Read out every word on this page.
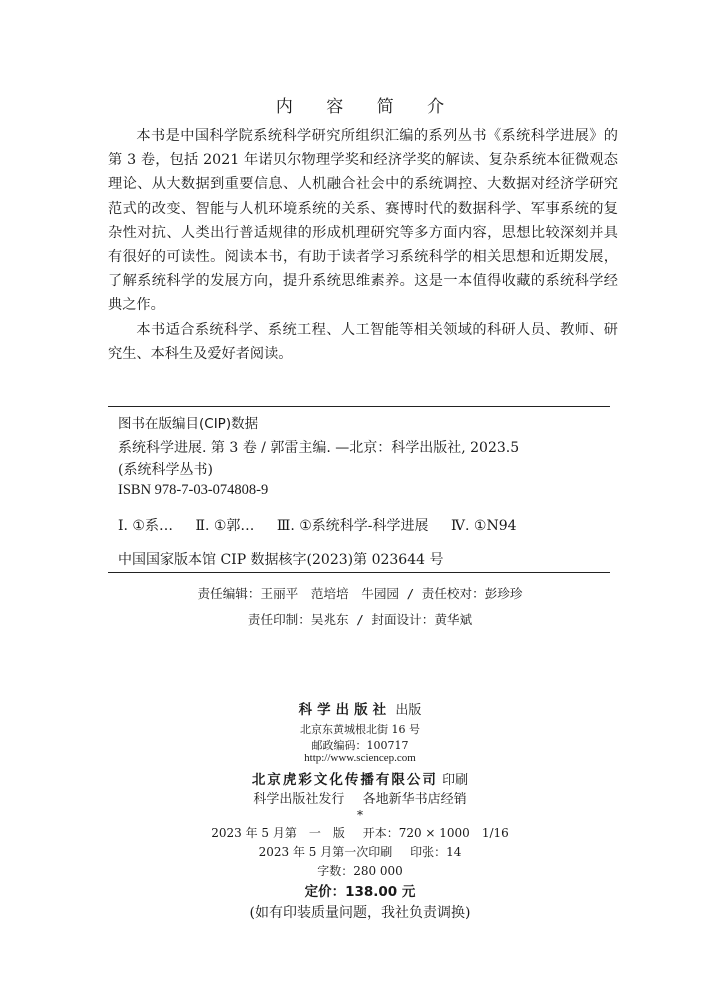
内 容 简 介

本书是中国科学院系统科学研究所组织汇编的系列丛书《系统科学进展》的第 3 卷，包括 2021 年诺贝尔物理学奖和经济学奖的解读、复杂系统本征微观态理论、从大数据到重要信息、人机融合社会中的系统调控、大数据对经济学研究范式的改变、智能与人机环境系统的关系、赛博时代的数据科学、军事系统的复杂性对抗、人类出行普适规律的形成机理研究等多方面内容，思想比较深刻并具有很好的可读性。阅读本书，有助于读者学习系统科学的相关思想和近期发展，了解系统科学的发展方向，提升系统思维素养。这是一本值得收藏的系统科学经典之作。

本书适合系统科学、系统工程、人工智能等相关领域的科研人员、教师、研究生、本科生及爱好者阅读。

图书在版编目(CIP)数据
系统科学进展. 第 3 卷 / 郭雷主编. —北京：科学出版社, 2023.5
(系统科学丛书)
ISBN 978-7-03-074808-9
Ⅰ. ①系… Ⅱ. ①郭… Ⅲ. ①系统科学-科学进展 Ⅳ. ①N94
中国国家版本馆 CIP 数据核字(2023)第 023644 号
责任编辑：王丽平　范培培　牛园园 / 责任校对：彭珍珍
责任印制：吴兆东 / 封面设计：黄华斌
科学出版社 出版
北京东黄城根北街 16 号
邮政编码：100717
http://www.sciencep.com
北京虎彩文化传播有限公司 印刷
科学出版社发行 各地新华书店经销
*
2023 年 5 月第　一　版 开本：720 × 1000　1/16
2023 年 5 月第一次印刷 印张：14
字数：280 000
定价：138.00 元
(如有印装质量问题，我社负责调换)
